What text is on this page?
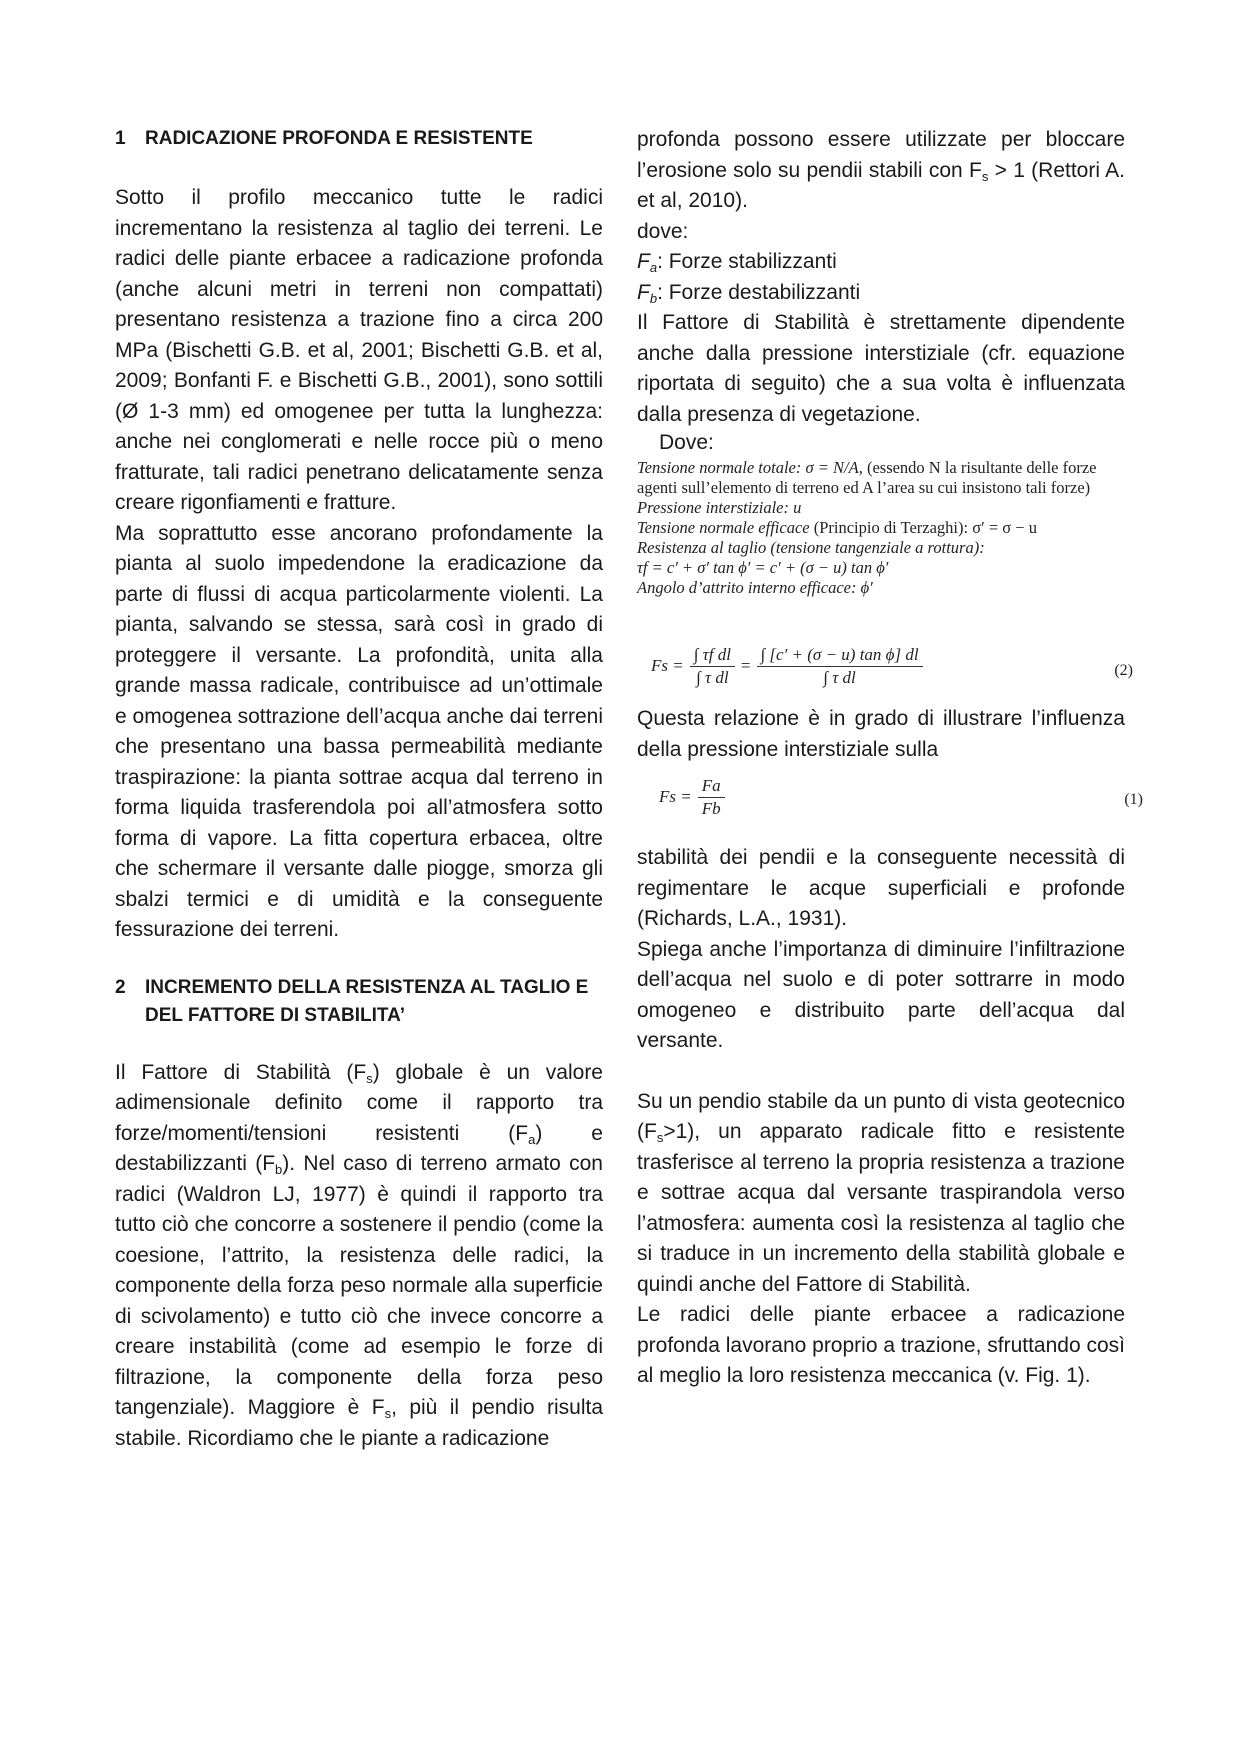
1	RADICAZIONE PROFONDA E RESISTENTE

Sotto il profilo meccanico tutte le radici incrementano la resistenza al taglio dei terreni. Le radici delle piante erbacee a radicazione profonda (anche alcuni metri in terreni non compattati) presentano resistenza a trazione fino a circa 200 MPa (Bischetti G.B. et al, 2001; Bischetti G.B. et al, 2009; Bonfanti F. e Bischetti G.B., 2001), sono sottili (Ø 1-3 mm) ed omogenee per tutta la lunghezza: anche nei conglomerati e nelle rocce più o meno fratturate, tali radici penetrano delicatamente senza creare rigonfiamenti e fratture.

Ma soprattutto esse ancorano profondamente la pianta al suolo impedendone la eradicazione da parte di flussi di acqua particolarmente violenti. La pianta, salvando se stessa, sarà così in grado di proteggere il versante. La profondità, unita alla grande massa radicale, contribuisce ad un’ottimale e omogenea sottrazione dell’acqua anche dai terreni che presentano una bassa permeabilità mediante traspirazione: la pianta sottrae acqua dal terreno in forma liquida trasferendola poi all’atmosfera sotto forma di vapore. La fitta copertura erbacea, oltre che schermare il versante dalle piogge, smorza gli sbalzi termici e di umidità e la conseguente fessurazione dei terreni.

2	INCREMENTO DELLA RESISTENZA AL TAGLIO E
DEL FATTORE DI STABILITA’

Il Fattore di Stabilità $(F_s)$ globale è un valore adimensionale definito come il rapporto tra forze/momenti/tensioni resistenti $(F_a)$ e destabilizzanti $(F_b)$. Nel caso di terreno armato con radici (Waldron LJ, 1977) è quindi il rapporto tra tutto ciò che concorre a sostenere il pendio (come la coesione, l’attrito, la resistenza delle radici, la componente della forza peso normale alla superficie di scivolamento) e tutto ciò che invece concorre a creare instabilità (come ad esempio le forze di filtrazione, la componente della forza peso tangenziale). Maggiore è $F_s$, più il pendio risulta stabile. Ricordiamo che le piante a radicazione

profonda possono essere utilizzate per bloccare l’erosione solo su pendii stabili con $F_s > 1$ (Rettori A. et al, 2010).

dove:

$F_a$: Forze stabilizzanti

$F_b$: Forze destabilizzanti

Il Fattore di Stabilità è strettamente dipendente anche dalla pressione interstiziale (cfr. equazione riportata di seguito) che a sua volta è influenzata dalla presenza di vegetazione.

Dove:

Tensione normale totale: σ = N/A, (essendo N la risultante delle forze agenti sull’elemento di terreno ed A l’area su cui insistono tali forze)

Pressione interstiziale: u

Tensione normale efficace (Principio di Terzaghi): σ′ = σ − u

Resistenza al taglio (tensione tangenziale a rottura):

τf = c′ + σ′ tan ϕ′ = c′ + (σ − u) tan ϕ′

Angolo d’attrito interno efficace: ϕ′

$Fs = \frac{\text{∫ τf dl}}{\text{∫ τ dl}} = \frac{\text{∫ [c′ + (σ − u) tan ϕ] dl}}{\text{∫ τ dl}}$	(2)

Questa relazione è in grado di illustrare l’influenza della pressione interstiziale sulla

$Fs = \frac{Fa}{Fb}$	(1)

stabilità dei pendii e la conseguente necessità di regimentare le acque superficiali e profonde (Richards, L.A., 1931).

Spiega anche l’importanza di diminuire l’infiltrazione dell’acqua nel suolo e di poter sottrarre in modo omogeneo e distribuito parte dell’acqua dal versante.

Su un pendio stabile da un punto di vista geotecnico $(F_s>1)$, un apparato radicale fitto e resistente trasferisce al terreno la propria resistenza a trazione e sottrae acqua dal versante traspirandola verso l’atmosfera: aumenta così la resistenza al taglio che si traduce in un incremento della stabilità globale e quindi anche del Fattore di Stabilità.

Le radici delle piante erbacee a radicazione profonda lavorano proprio a trazione, sfruttando così al meglio la loro resistenza meccanica (v. Fig. 1).
